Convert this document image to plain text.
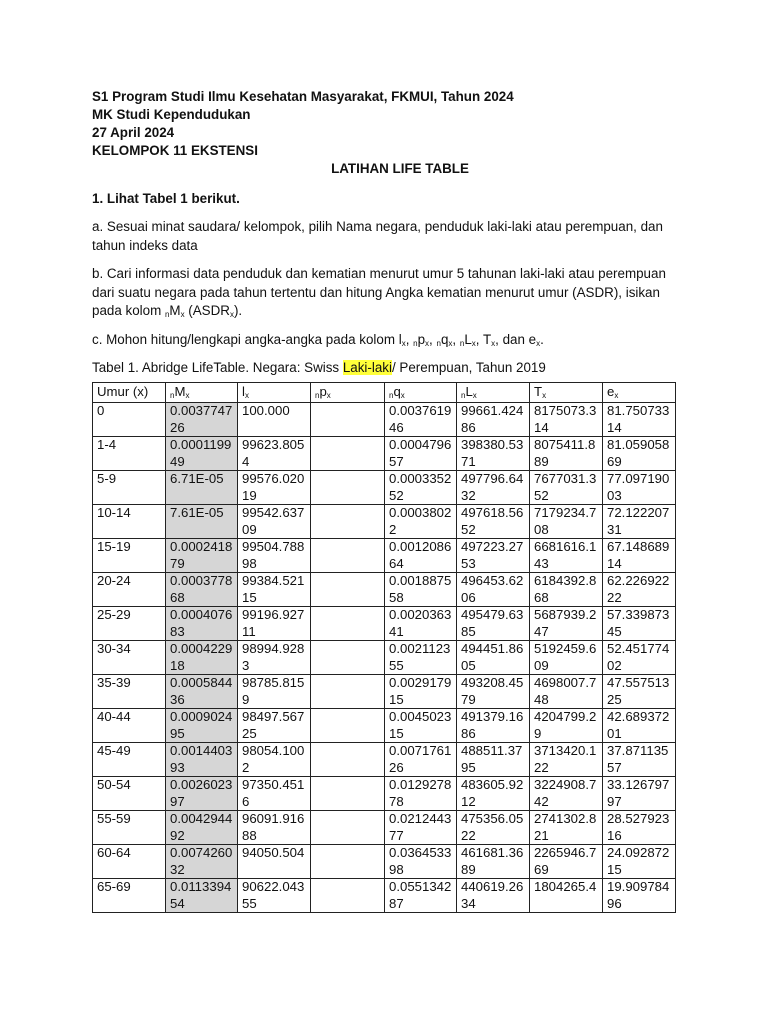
S1 Program Studi Ilmu Kesehatan Masyarakat, FKMUI, Tahun 2024

MK Studi Kependudukan

27 April 2024

KELOMPOK 11 EKSTENSI

LATIHAN LIFE TABLE

1. Lihat Tabel 1 berikut.

a. Sesuai minat saudara/ kelompok, pilih Nama negara, penduduk laki-laki atau perempuan, dan tahun indeks data

b. Cari informasi data penduduk dan kematian menurut umur 5 tahunan laki-laki atau perempuan dari suatu negara pada tahun tertentu dan hitung Angka kematian menurut umur (ASDR), isikan pada kolom $nM_x$ $(ASDR_x)$.

c. Mohon hitung/lengkapi angka-angka pada kolom $l_x$, $np_x$, $nq_x$, $nL_x$, $T_x$, dan $e_x$.

Tabel 1. Abridge LifeTable. Negara: Swiss Laki-laki/ Perempuan, Tahun 2019

Umur (x)	$nM_x$	$l_x$	$np_x$	$nq_x$	$nL_x$	$T_x$	$e_x$
0	0.003774726	100.000		0.003761946	99661.42486	8175073.314	81.75073314
1-4	0.000119949	99623.8054		0.000479657	398380.5371	8075411.889	81.05905869
5-9	6.71E-05	99576.02019		0.000335252	497796.6432	7677031.352	77.09719003
10-14	7.61E-05	99542.63709		0.00038022	497618.5652	7179234.708	72.12220731
15-19	0.000241879	99504.78898		0.001208664	497223.2753	6681616.143	67.14868914
20-24	0.000377868	99384.52115		0.001887558	496453.6206	6184392.868	62.22692222
25-29	0.000407683	99196.92711		0.002036341	495479.6385	5687939.247	57.33987345
30-34	0.000422918	98994.9283		0.002112355	494451.8605	5192459.609	52.45177402
35-39	0.000584436	98785.8159		0.002917915	493208.4579	4698007.748	47.55751325
40-44	0.000902495	98497.56725		0.004502315	491379.1686	4204799.29	42.68937201
45-49	0.001440393	98054.1002		0.007176126	488511.3795	3713420.122	37.87113557
50-54	0.002602397	97350.4516		0.012927878	483605.9212	3224908.742	33.12679797
55-59	0.004294492	96091.91688		0.021244377	475356.0522	2741302.821	28.52792316
60-64	0.007426032	94050.504		0.036453398	461681.3689	2265946.769	24.09287215
65-69	0.011339454	90622.04355		0.055134287	440619.2634	1804265.4	19.90978496
